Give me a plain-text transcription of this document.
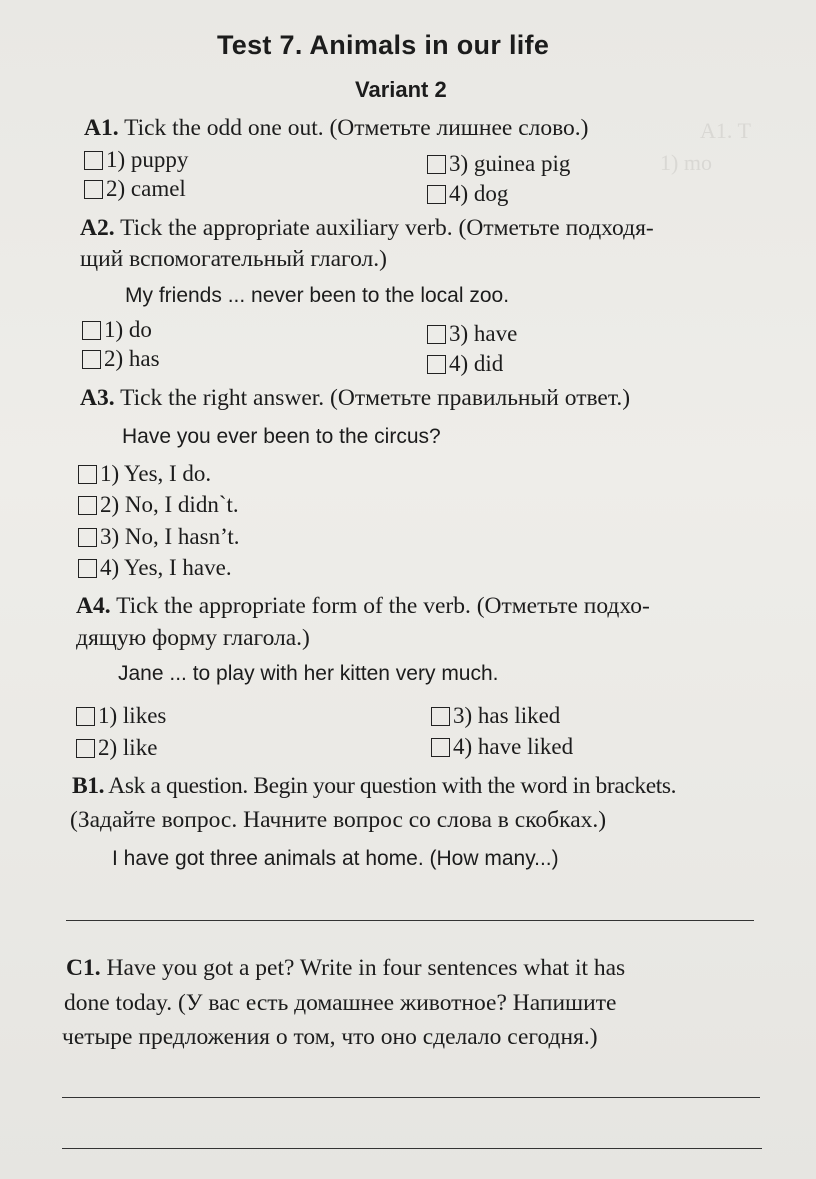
A1. T
1) mo
Test 7. Animals in our life
Variant 2
A1. Tick the odd one out. (Отметьте лишнее слово.)
1) puppy
2) camel
3) guinea pig
4) dog
A2. Tick the appropriate auxiliary verb. (Отметьте подходя-
щий вспомогательный глагол.)
My friends ... never been to the local zoo.
1) do
2) has
3) have
4) did
A3. Tick the right answer. (Отметьте правильный ответ.)
Have you ever been to the circus?
1) Yes, I do.
2) No, I didn`t.
3) No, I hasn’t.
4) Yes, I have.
A4. Tick the appropriate form of the verb. (Отметьте подхо-
дящую форму глагола.)
Jane ... to play with her kitten very much.
1) likes
2) like
3) has liked
4) have liked
B1. Ask a question. Begin your question with the word in brackets.
(Задайте вопрос. Начните вопрос со слова в скобках.)
I have got three animals at home. (How many...)
C1. Have you got a pet? Write in four sentences what it has
done today. (У вас есть домашнее животное? Напишите
четыре предложения о том, что оно сделало сегодня.)
